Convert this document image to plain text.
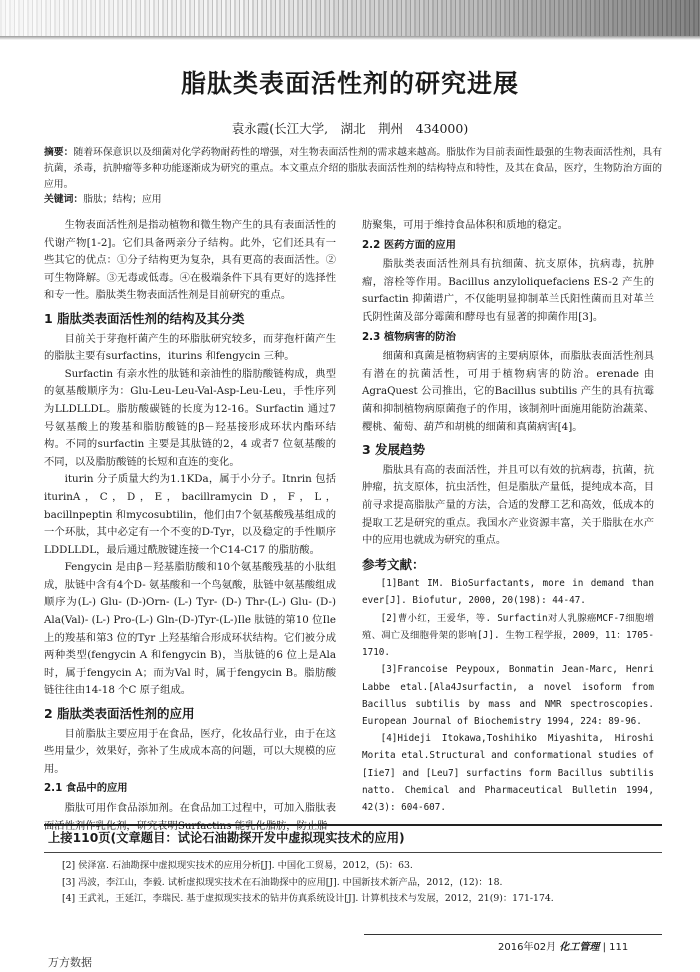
脂肽类表面活性剂的研究进展
袁永霞(长江大学,　湖北　荆州　434000)
摘要：随着环保意识以及细菌对化学药物耐药性的增强，对生物表面活性剂的需求越来越高。脂肽作为目前表面性最强的生物表面活性剂，具有抗菌，杀毒，抗肿瘤等多种功能逐渐成为研究的重点。本文重点介绍的脂肽表面活性剂的结构特点和特性，及其在食品，医疗，生物防治方面的应用。
关键词：脂肽；结构；应用

生物表面活性剂是指动植物和微生物产生的具有表面活性的代谢产物[1-2]。它们具备两亲分子结构。此外，它们还具有一些其它的优点：①分子结构更为复杂，具有更高的表面活性。②可生物降解。③无毒或低毒。④在极端条件下具有更好的选择性和专一性。脂肽类生物表面活性剂是目前研究的重点。

1 脂肽类表面活性剂的结构及其分类

目前关于芽孢杆菌产生的环脂肽研究较多，而芽孢杆菌产生的脂肽主要有surfactins，iturins 和fengycin 三种。

Surfactin 有亲水性的肽链和亲油性的脂肪酸链构成，典型的氨基酸顺序为：Glu-Leu-Leu-Val-Asp-Leu-Leu，手性序列为LLDLLDL。脂肪酸碳链的长度为12-16。Surfactin 通过7号氨基酸上的羧基和脂肪酸链的β－羟基接形成环状内酯环结构。不同的surfactin 主要是其肽链的2，4 或者7 位氨基酸的不同，以及脂肪酸链的长短和直连的变化。

iturin 分子质量大约为1.1KDa，属于小分子。Itnrin 包括iturinA，C，D，E，bacillramycin D，F，L，bacillnpeptin 和mycosubtilin，他们由7个氨基酸残基组成的一个环肽，其中必定有一个不变的D-Tyr，以及稳定的手性顺序LDDLLDL，最后通过酰胺键连接一个C14-C17 的脂肪酸。

Fengycin 是由β－羟基脂肪酸和10个氨基酸残基的小肽组成，肽链中含有4个D- 氨基酸和一个鸟氨酸，肽链中氨基酸组成顺序为(L-) Glu- (D-)Orn- (L-) Tyr- (D-) Thr-(L-) Glu- (D-) Ala(Val)- (L-) Pro-(L-) Gln-(D-)Tyr-(L-)Ile 肽链的第10 位Ile 上的羧基和第3 位的Tyr 上羟基缩合形成环状结构。它们被分成两种类型(fengycin A 和fengycin B)，当肽链的6 位上是Ala 时，属于fengycin A；而为Val 时，属于fengycin B。脂肪酸链往往由14-18 个C 原子组成。

2 脂肽类表面活性剂的应用

目前脂肽主要应用于在食品，医疗，化妆品行业，由于在这些用量少，效果好，弥补了生成成本高的问题，可以大规模的应用。

2.1 食品中的应用

脂肽可用作食品添加剂。在食品加工过程中，可加入脂肽表

肪聚集，可用于维持食品体积和质地的稳定。

2.2 医药方面的应用

脂肽类表面活性剂具有抗细菌、抗支原体，抗病毒，抗肿瘤，溶栓等作用。Bacillus anzyloliquefaciens ES-2 产生的surfactin 抑菌谱广，不仅能明显抑制革兰氏阳性菌而且对革兰氏阴性菌及部分霉菌和酵母也有显著的抑菌作用[3]。

2.3 植物病害的防治

细菌和真菌是植物病害的主要病原体，而脂肽表面活性剂具有潜在的抗菌活性，可用于植物病害的防治。erenade 由AgraQuest 公司推出，它的Bacillus subtilis 产生的具有抗霉菌和抑制植物病原菌孢子的作用，该制剂叶面施用能防治蔬菜、樱桃、葡萄、葫芦和胡桃的细菌和真菌病害[4]。

3 发展趋势

脂肽具有高的表面活性，并且可以有效的抗病毒，抗菌，抗肿瘤，抗支原体，抗虫活性，但是脂肽产量低，提纯成本高，目前寻求提高脂肽产量的方法，合适的发酵工艺和高效，低成本的提取工艺是研究的重点。我国水产业资源丰富，关于脂肽在水产中的应用也就成为研究的重点。

参考文献：

[1]Bant IM. BioSurfactants, more in demand than ever[J]. Biofutur, 2000, 20(198): 44-47.

[2]曹小红，王爱华，等. Surfactin对人乳腺癌MCF-7细胞增殖、凋亡及细胞骨架的影响[J]. 生物工程学报，2009，11：1705-1710.

[3]Francoise Peypoux, Bonmatin Jean-Marc, Henri Labbe etal.[Ala4Jsurfactin, a novel isoform from Bacillus subtilis by mass and NMR spectroscopies. European Journal of Biochemistry 1994, 224: 89-96.

[4]Hideji Itokawa,Toshihiko Miyashita, Hiroshi Morita etal.Structural and conformational studies of [Iie7] and [Leu7] surfactins form Bacillus subtilis natto. Chemical and Pharmaceutical Bulletin 1994, 42(3): 604-607.

上接110页(文章题目：试论石油勘探开发中虚拟现实技术的应用)
[2] 侯泽富. 石油勘探中虚拟现实技术的应用分析[J]. 中国化工贸易，2012，(5)：63.
[3] 冯波，李江山，李毅. 试析虚拟现实技术在石油勘探中的应用[J]. 中国新技术新产品，2012，(12)：18.
[4] 王武礼，王延江，李瑞民. 基于虚拟现实技术的钻井仿真系统设计[J]. 计算机技术与发展，2012，21(9)：171-174.
2016年02月 化工管理 | 111
万方数据
